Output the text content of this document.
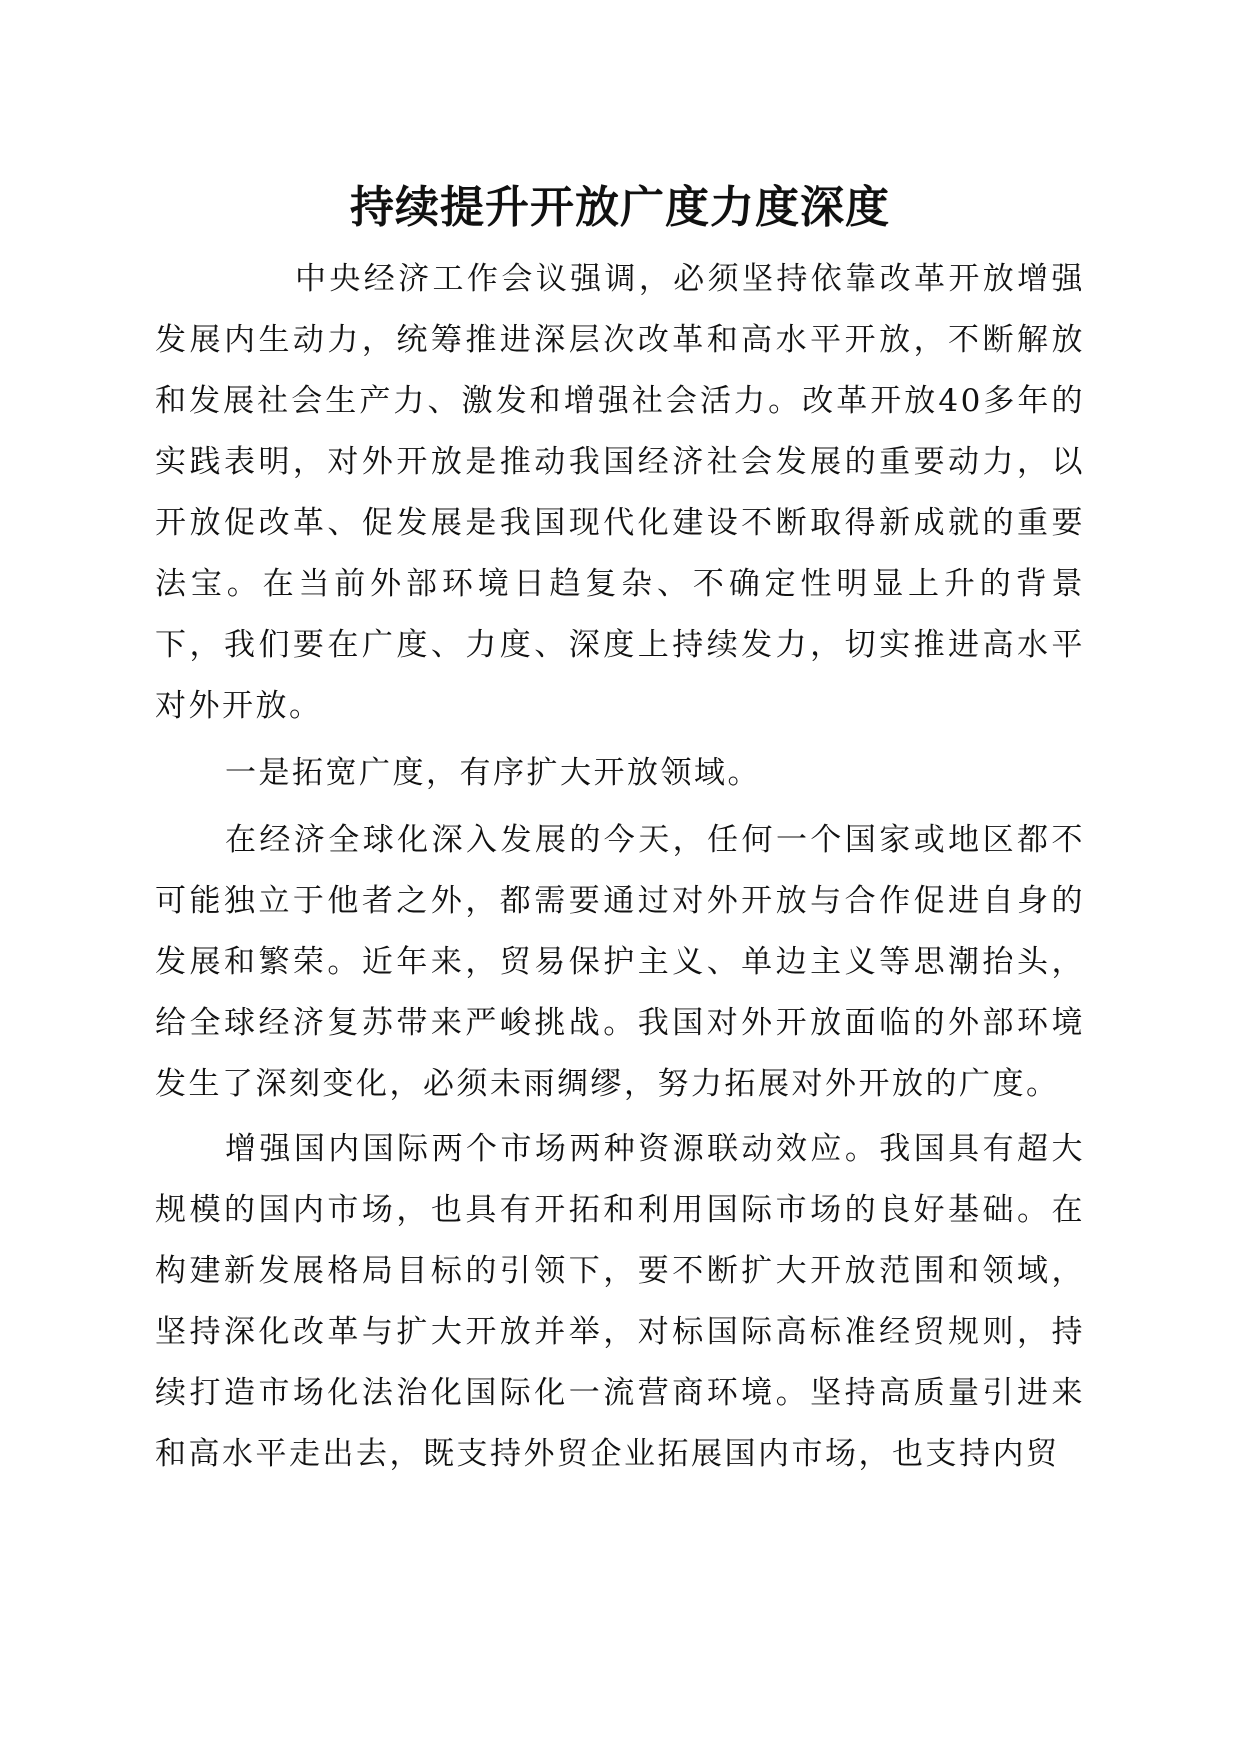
持续提升开放广度力度深度

中央经济工作会议强调，必须坚持依靠改革开放增强发展内生动力，统筹推进深层次改革和高水平开放，不断解放和发展社会生产力、激发和增强社会活力。改革开放40多年的实践表明，对外开放是推动我国经济社会发展的重要动力，以开放促改革、促发展是我国现代化建设不断取得新成就的重要法宝。在当前外部环境日趋复杂、不确定性明显上升的背景下，我们要在广度、力度、深度上持续发力，切实推进高水平对外开放。

一是拓宽广度，有序扩大开放领域。

在经济全球化深入发展的今天，任何一个国家或地区都不可能独立于他者之外，都需要通过对外开放与合作促进自身的发展和繁荣。近年来，贸易保护主义、单边主义等思潮抬头，给全球经济复苏带来严峻挑战。我国对外开放面临的外部环境发生了深刻变化，必须未雨绸缪，努力拓展对外开放的广度。

增强国内国际两个市场两种资源联动效应。我国具有超大规模的国内市场，也具有开拓和利用国际市场的良好基础。在构建新发展格局目标的引领下，要不断扩大开放范围和领域，坚持深化改革与扩大开放并举，对标国际高标准经贸规则，持续打造市场化法治化国际化一流营商环境。坚持高质量引进来和高水平走出去，既支持外贸企业拓展国内市场，也支持内贸
